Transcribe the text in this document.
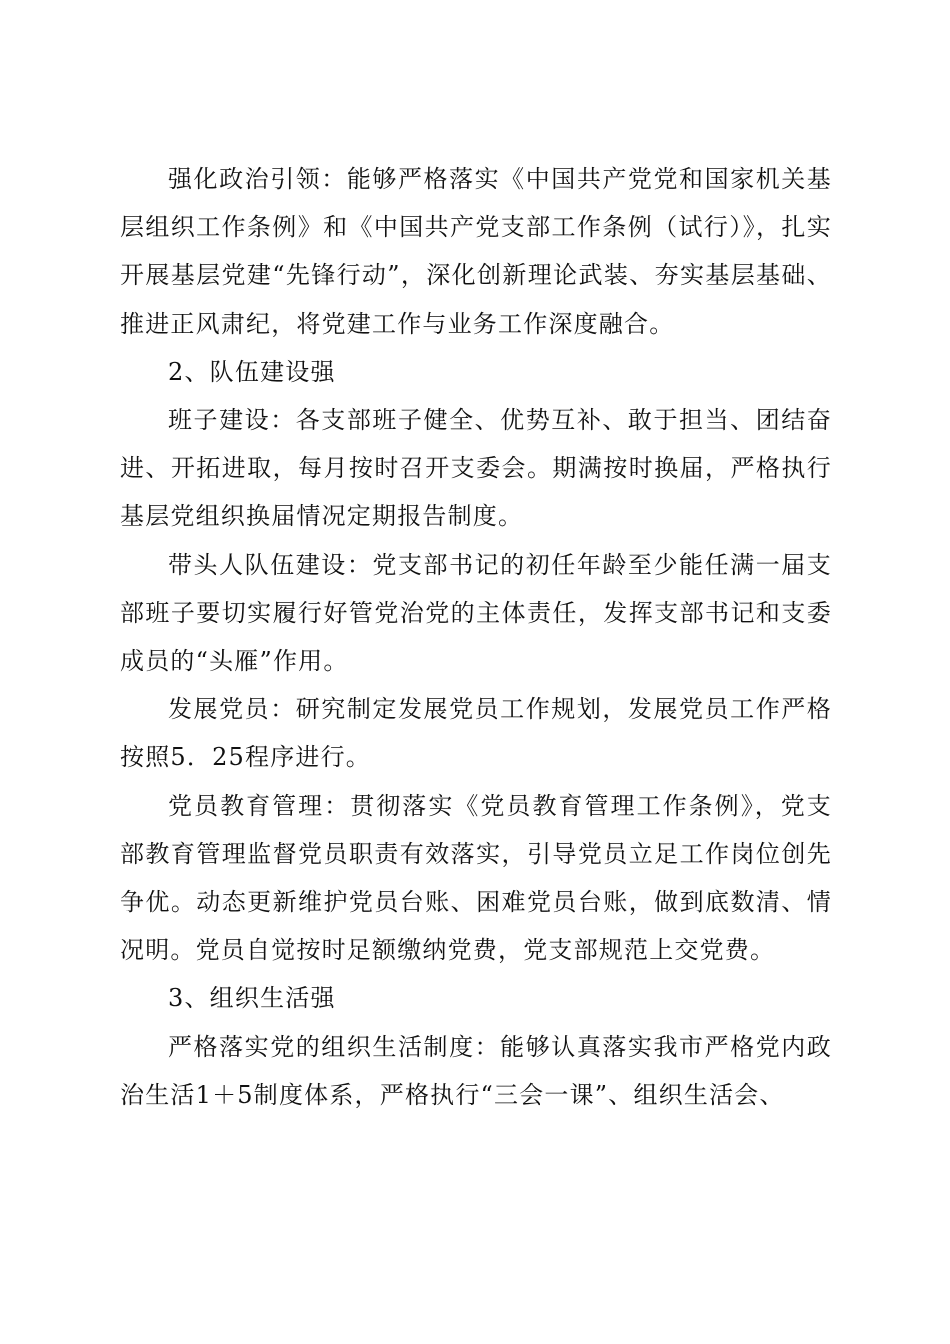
强化政治引领：能够严格落实《中国共产党党和国家机关基层组织工作条例》和《中国共产党支部工作条例（试行）》，扎实开展基层党建“先锋行动”，深化创新理论武装、夯实基层基础、推进正风肃纪，将党建工作与业务工作深度融合。

2、队伍建设强

班子建设：各支部班子健全、优势互补、敢于担当、团结奋进、开拓进取，每月按时召开支委会。期满按时换届，严格执行基层党组织换届情况定期报告制度。

带头人队伍建设：党支部书记的初任年龄至少能任满一届支部班子要切实履行好管党治党的主体责任，发挥支部书记和支委成员的“头雁”作用。

发展党员：研究制定发展党员工作规划，发展党员工作严格按照5．25程序进行。

党员教育管理：贯彻落实《党员教育管理工作条例》，党支部教育管理监督党员职责有效落实，引导党员立足工作岗位创先争优。动态更新维护党员台账、困难党员台账，做到底数清、情况明。党员自觉按时足额缴纳党费，党支部规范上交党费。

3、组织生活强

严格落实党的组织生活制度：能够认真落实我市严格党内政治生活1＋5制度体系，严格执行“三会一课”、组织生活会、
